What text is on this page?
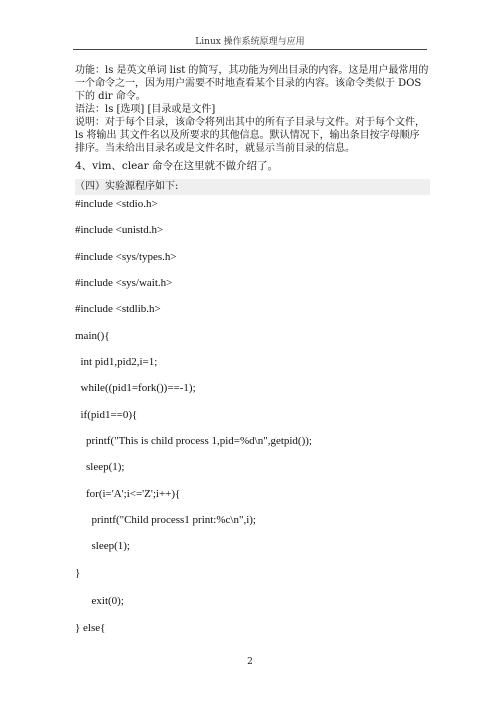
Linux 操作系统原理与应用

功能：ls 是英文单词 list 的简写，其功能为列出目录的内容。这是用户最常用的

一个命令之一，因为用户需要不时地查看某个目录的内容。该命令类似于 DOS

下的 dir 命令。

语法：ls [选项] [目录或是文件]

说明：对于每个目录，该命令将列出其中的所有子目录与文件。对于每个文件，

ls 将输出 其文件名以及所要求的其他信息。默认情况下，输出条目按字母顺序

排序。当未给出目录名或是文件名时，就显示当前目录的信息。

4、vim、clear 命令在这里就不做介绍了。

（四）实验源程序如下:
#include <stdio.h>
#include <unistd.h>
#include <sys/types.h>
#include <sys/wait.h>
#include <stdlib.h>
main(){
int pid1,pid2,i=1;
while((pid1=fork())==-1);
if(pid1==0){
printf("This is child process 1,pid=%d\n",getpid());
sleep(1);
for(i='A';i<='Z';i++){
printf("Child process1 print:%c\n",i);
sleep(1);
}
exit(0);
} else{
2
